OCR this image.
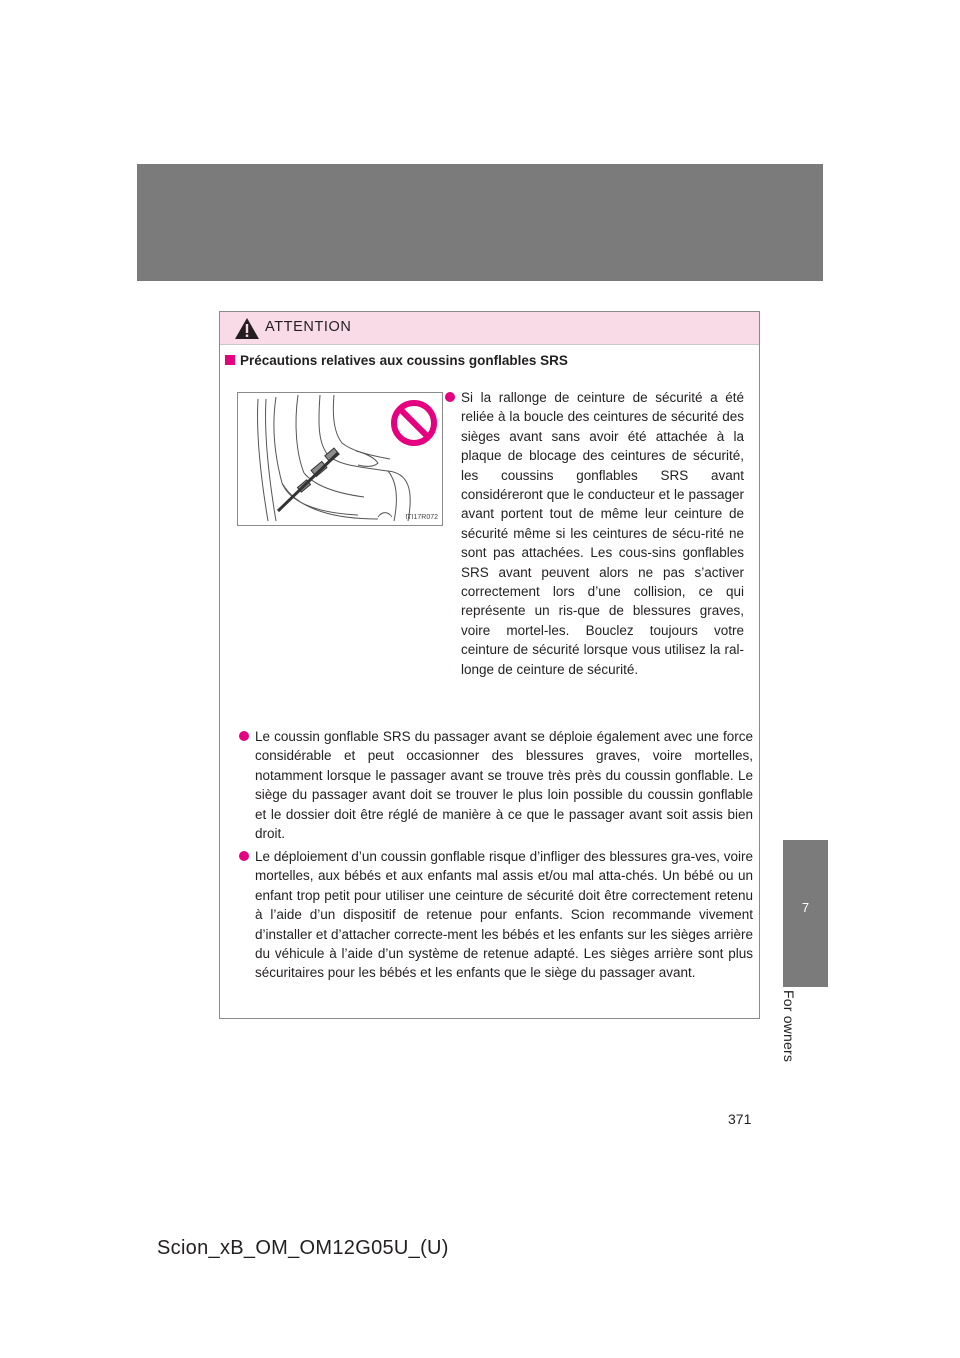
ATTENTION
Précautions relatives aux coussins gonflables SRS
ITI17R072
Si la rallonge de ceinture de sécurité a été reliée à la boucle des ceintures de sécurité des sièges avant sans avoir été attachée à la plaque de blocage des ceintures de sécurité, les coussins gonflables SRS avant considéreront que le conducteur et le passager avant portent tout de même leur ceinture de sécurité même si les ceintures de sécu-rité ne sont pas attachées. Les cous-sins gonflables SRS avant peuvent alors ne pas s’activer correctement lors d’une collision, ce qui représente un ris-que de blessures graves, voire mortel-les. Bouclez toujours votre ceinture de sécurité lorsque vous utilisez la ral-longe de ceinture de sécurité.
Le coussin gonflable SRS du passager avant se déploie également avec une force considérable et peut occasionner des blessures graves, voire mortelles, notamment lorsque le passager avant se trouve très près du coussin gonflable. Le siège du passager avant doit se trouver le plus loin possible du coussin gonflable et le dossier doit être réglé de manière à ce que le passager avant soit assis bien droit.
Le déploiement d’un coussin gonflable risque d’infliger des blessures gra-ves, voire mortelles, aux bébés et aux enfants mal assis et/ou mal atta-chés. Un bébé ou un enfant trop petit pour utiliser une ceinture de sécurité doit être correctement retenu à l’aide d’un dispositif de retenue pour enfants. Scion recommande vivement d’installer et d’attacher correcte-ment les bébés et les enfants sur les sièges arrière du véhicule à l’aide d’un système de retenue adapté. Les sièges arrière sont plus sécuritaires pour les bébés et les enfants que le siège du passager avant.
7
For owners
371
Scion_xB_OM_OM12G05U_(U)
